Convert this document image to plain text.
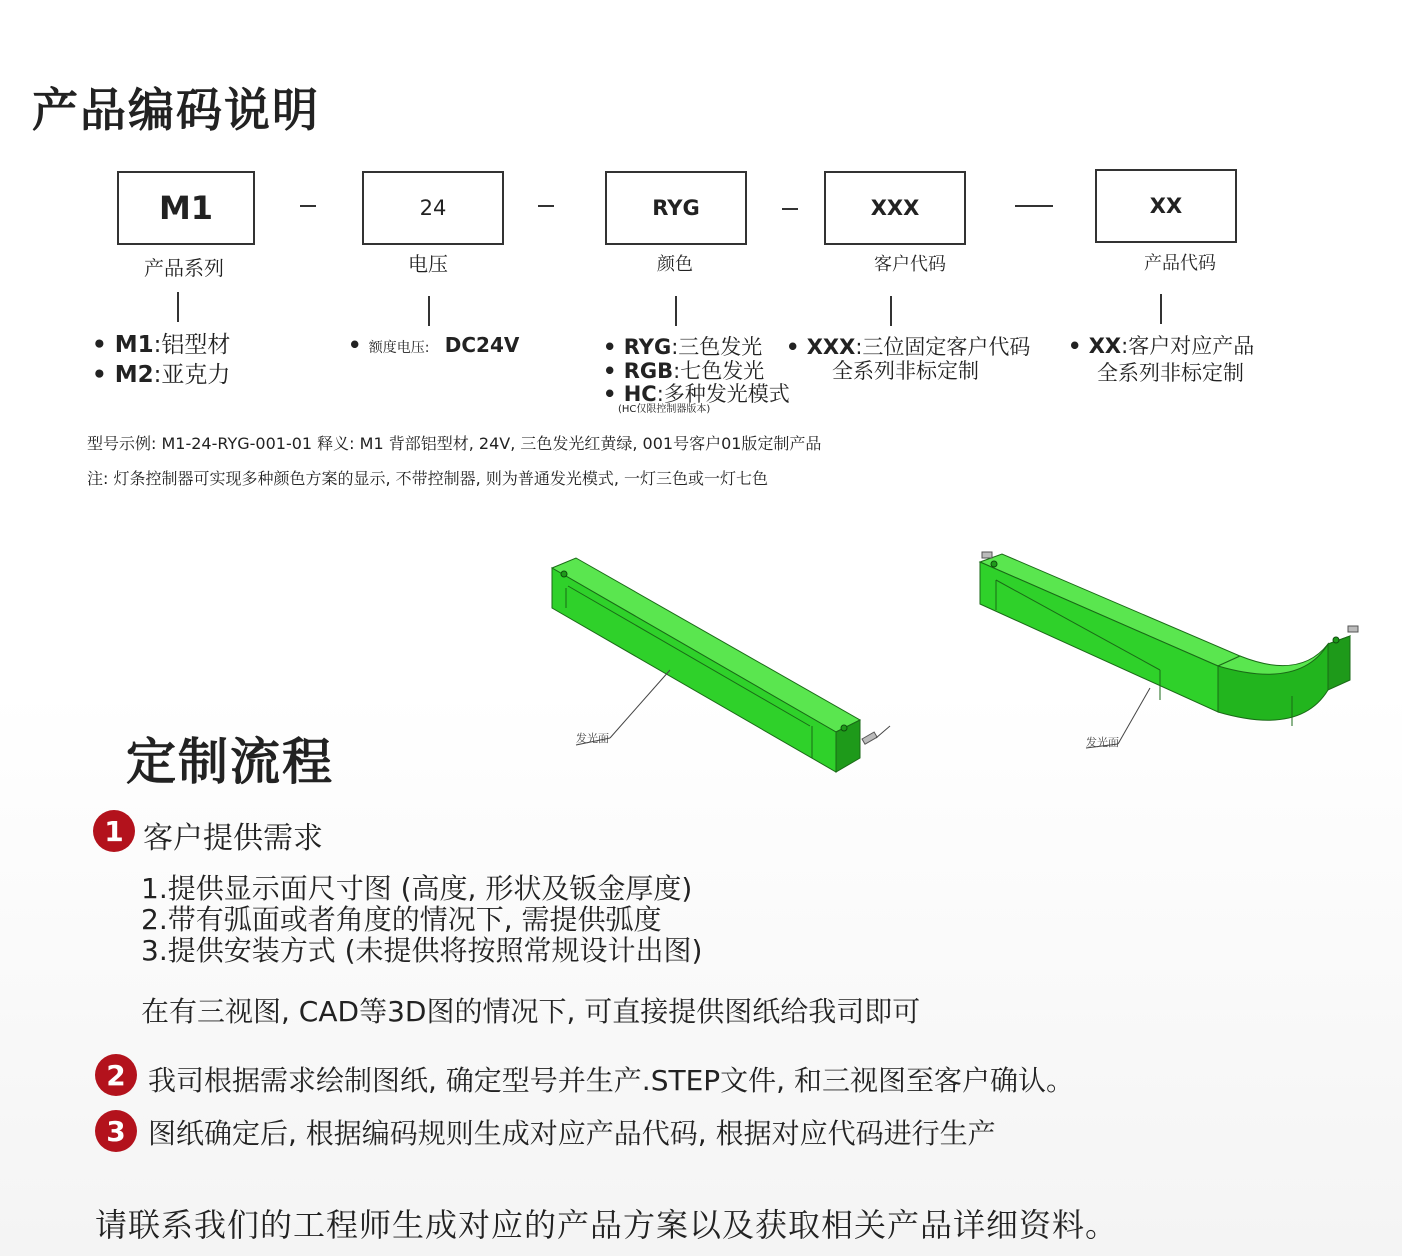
产品编码说明
M1	24	RYG	XXX	XX
产品系列	电压	颜色	客户代码	产品代码
• M1:铝型材
• M2:亚克力
• 额度电压: DC24V	• RYG:三色发光
• RGB:七色发光
• HC:多种发光模式
(HC仅限控制器版本)
• XXX:三位固定客户代码
全系列非标定制
• XX:客户对应产品
全系列非标定制
型号示例: M1-24-RYG-001-01 释义: M1 背部铝型材, 24V, 三色发光红黄绿, 001号客户01版定制产品
注: 灯条控制器可实现多种颜色方案的显示, 不带控制器, 则为普通发光模式, 一灯三色或一灯七色
发光面	发光面
定制流程
1 客户提供需求
1.提供显示面尺寸图 (高度, 形状及钣金厚度)
2.带有弧面或者角度的情况下, 需提供弧度
3.提供安装方式 (未提供将按照常规设计出图)
在有三视图, CAD等3D图的情况下, 可直接提供图纸给我司即可
2 我司根据需求绘制图纸, 确定型号并生产.STEP文件, 和三视图至客户确认。
3 图纸确定后, 根据编码规则生成对应产品代码, 根据对应代码进行生产
请联系我们的工程师生成对应的产品方案以及获取相关产品详细资料。
